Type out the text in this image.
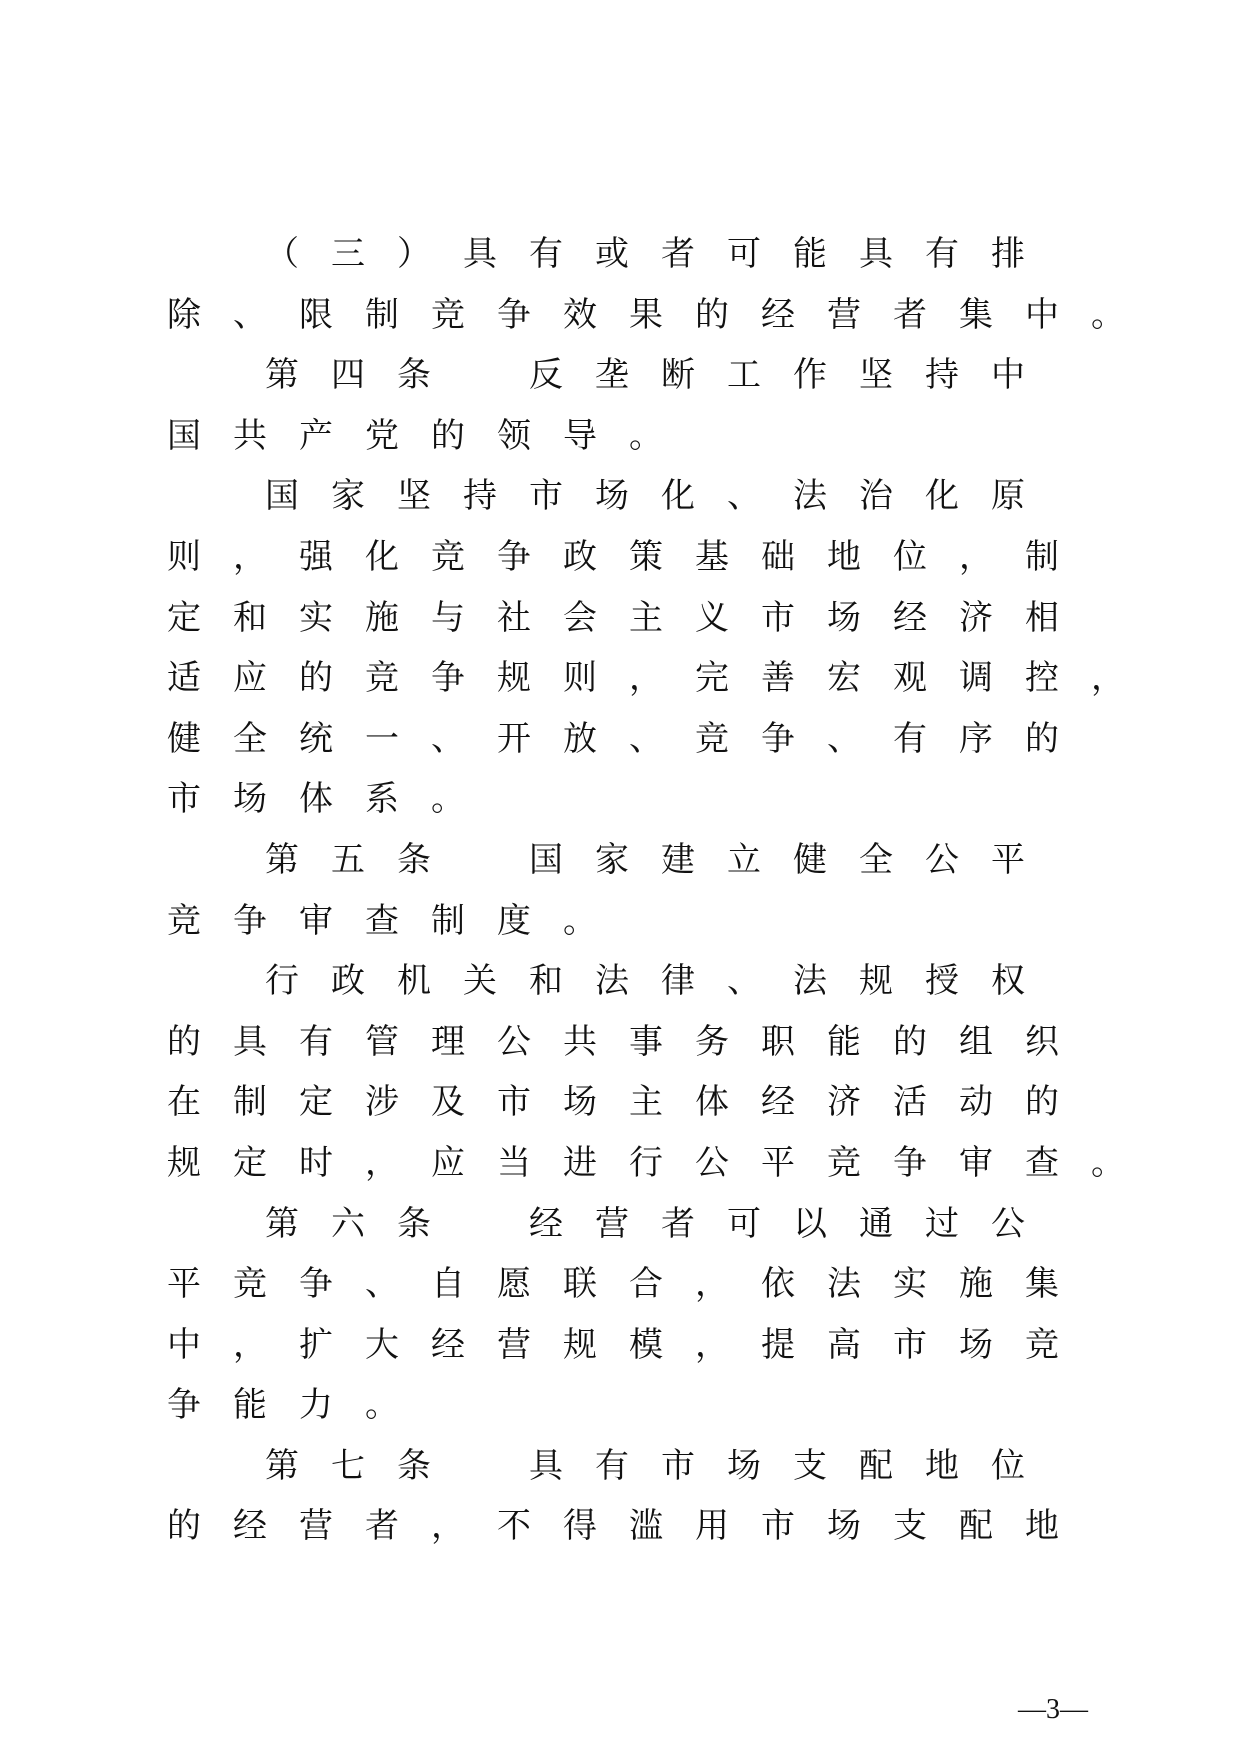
（三）具有或者可能具有排
除、限制竞争效果的经营者集中。
第四条　反垄断工作坚持中
国共产党的领导。
国家坚持市场化、法治化原
则，强化竞争政策基础地位，制
定和实施与社会主义市场经济相
适应的竞争规则，完善宏观调控，
健全统一、开放、竞争、有序的
市场体系。
第五条　国家建立健全公平
竞争审查制度。
行政机关和法律、法规授权
的具有管理公共事务职能的组织
在制定涉及市场主体经济活动的
规定时，应当进行公平竞争审查。
第六条　经营者可以通过公
平竞争、自愿联合，依法实施集
中，扩大经营规模，提高市场竞
争能力。
第七条　具有市场支配地位
的经营者，不得滥用市场支配地
—3—
